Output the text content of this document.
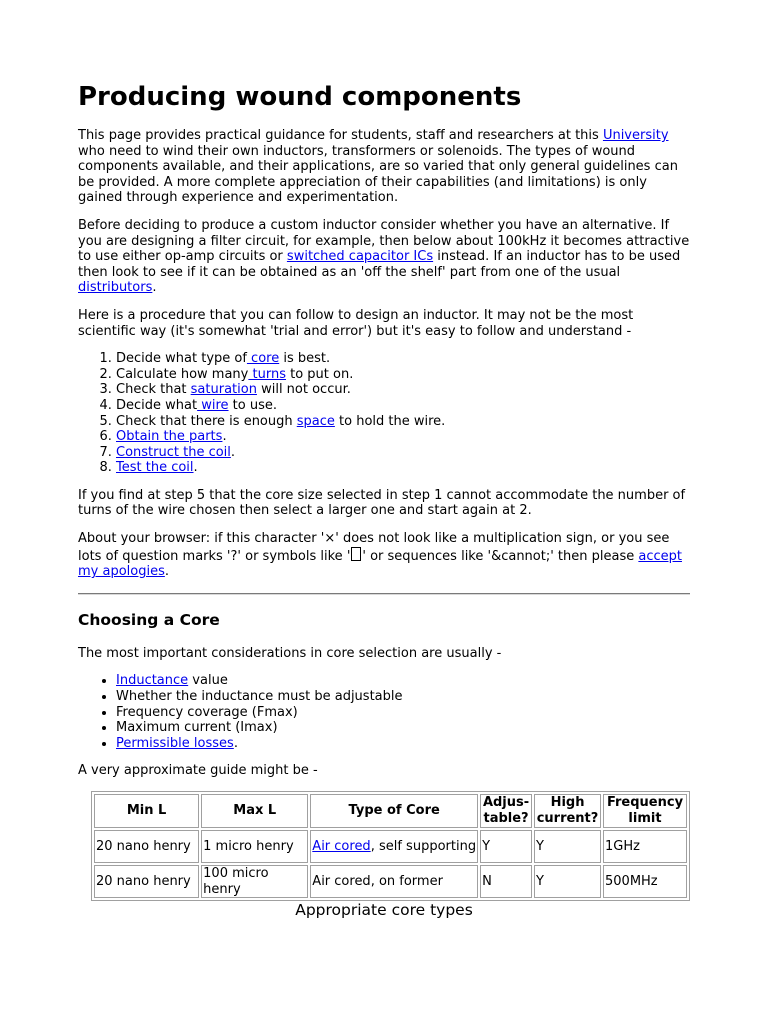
Producing wound components

This page provides practical guidance for students, staff and researchers at this University who need to wind their own inductors, transformers or solenoids. The types of wound components available, and their applications, are so varied that only general guidelines can be provided. A more complete appreciation of their capabilities (and limitations) is only gained through experience and experimentation.

Before deciding to produce a custom inductor consider whether you have an alternative. If you are designing a filter circuit, for example, then below about 100kHz it becomes attractive to use either op-amp circuits or switched capacitor ICs instead. If an inductor has to be used then look to see if it can be obtained as an 'off the shelf' part from one of the usual distributors.

Here is a procedure that you can follow to design an inductor. It may not be the most scientific way (it's somewhat 'trial and error') but it's easy to follow and understand -

1. Decide what type of core is best.
2. Calculate how many turns to put on.
3. Check that saturation will not occur.
4. Decide what wire to use.
5. Check that there is enough space to hold the wire.
6. Obtain the parts.
7. Construct the coil.
8. Test the coil.

If you find at step 5 that the core size selected in step 1 cannot accommodate the number of turns of the wire chosen then select a larger one and start again at 2.

About your browser: if this character '×' does not look like a multiplication sign, or you see lots of question marks '?' or symbols like ' ' or sequences like '&cannot;' then please accept my apologies.

Choosing a Core

The most important considerations in core selection are usually -

• Inductance value
• Whether the inductance must be adjustable
• Frequency coverage (Fmax)
• Maximum current (Imax)
• Permissible losses.

A very approximate guide might be -

Min L	Max L	Type of Core	Adjus-table?	High current?	Frequency limit
20 nano henry	1 micro henry	Air cored, self supporting	Y	Y	1GHz
20 nano henry	100 micro henry	Air cored, on former	N	Y	500MHz
Appropriate core types
